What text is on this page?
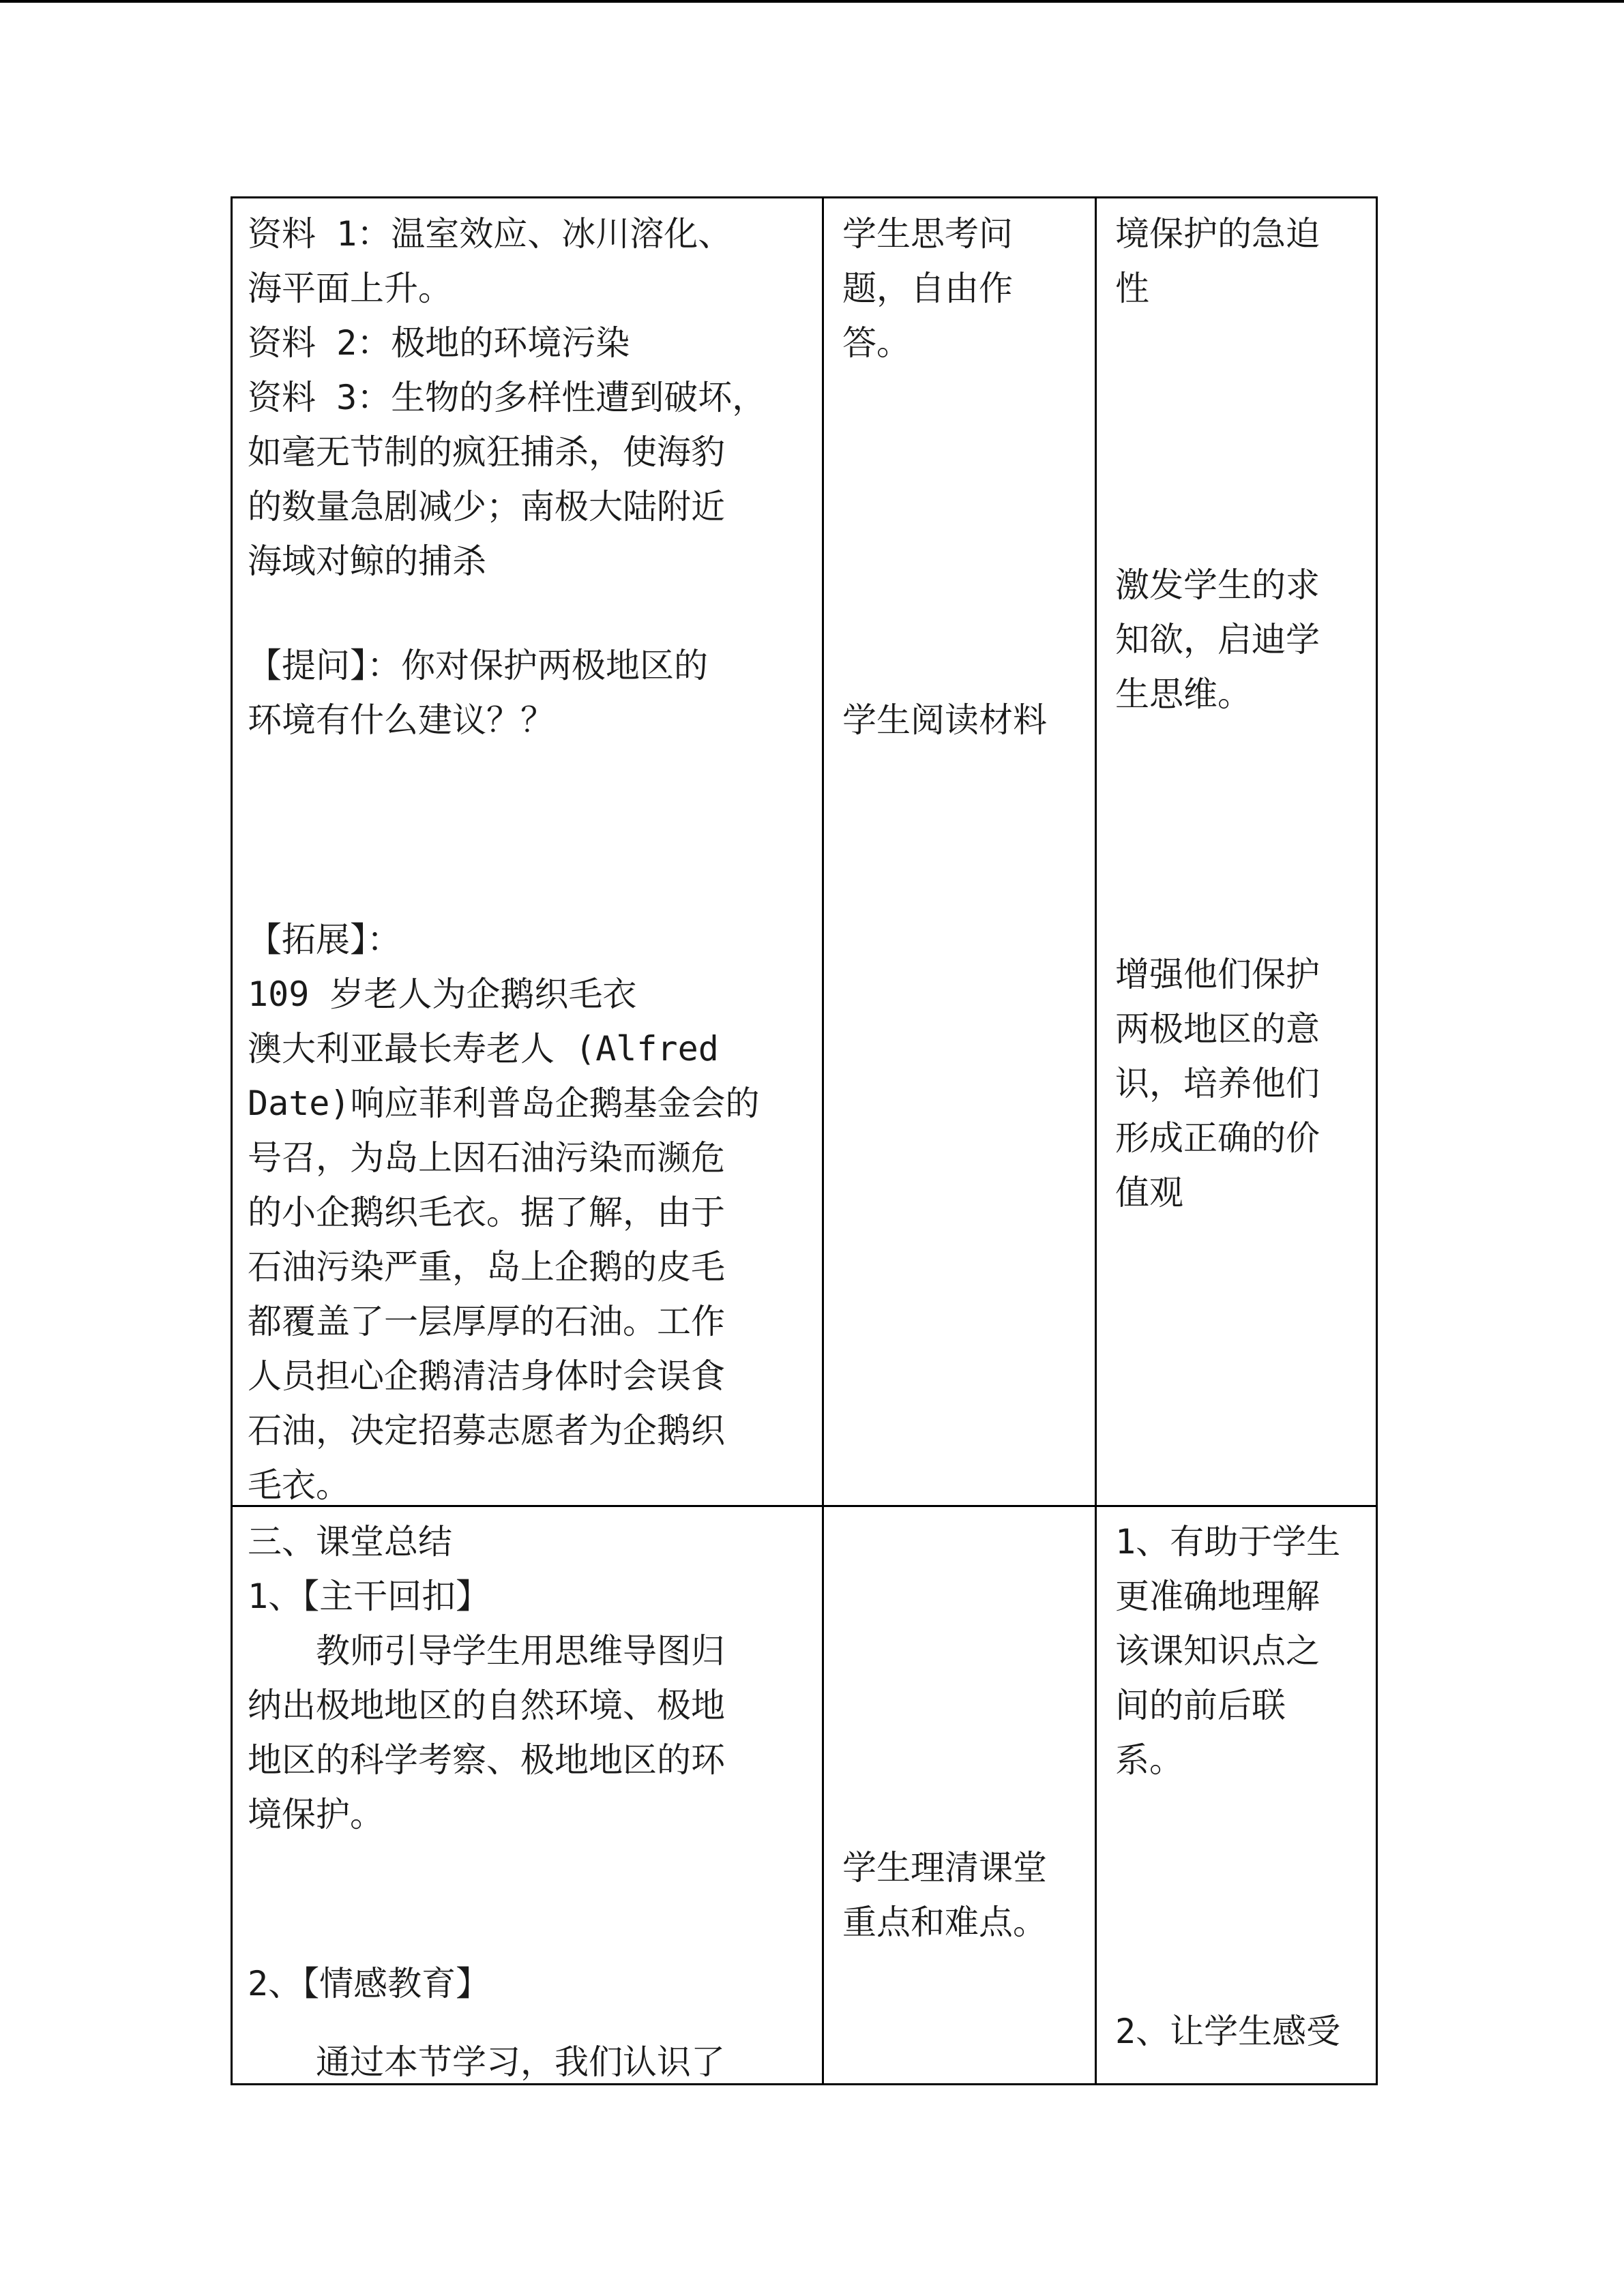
资料 1：温室效应、冰川溶化、
海平面上升。
资料 2：极地的环境污染
资料 3：生物的多样性遭到破坏，
如毫无节制的疯狂捕杀，使海豹
的数量急剧减少；南极大陆附近
海域对鲸的捕杀
【提问】：你对保护两极地区的
环境有什么建议？？
【拓展】：
109 岁老人为企鹅织毛衣
澳大利亚最长寿老人 (Alfred
Date)响应菲利普岛企鹅基金会的
号召，为岛上因石油污染而濒危
的小企鹅织毛衣。据了解，由于
石油污染严重，岛上企鹅的皮毛
都覆盖了一层厚厚的石油。工作
人员担心企鹅清洁身体时会误食
石油，决定招募志愿者为企鹅织
毛衣。
学生思考问
题，自由作
答。
学生阅读材料
境保护的急迫
性
激发学生的求
知欲，启迪学
生思维。
增强他们保护
两极地区的意
识，培养他们
形成正确的价
值观
三、课堂总结
1、【主干回扣】
教师引导学生用思维导图归
纳出极地地区的自然环境、极地
地区的科学考察、极地地区的环
境保护。
2、【情感教育】
通过本节学习，我们认识了
学生理清课堂
重点和难点。
1、有助于学生
更准确地理解
该课知识点之
间的前后联
系。
2、让学生感受
